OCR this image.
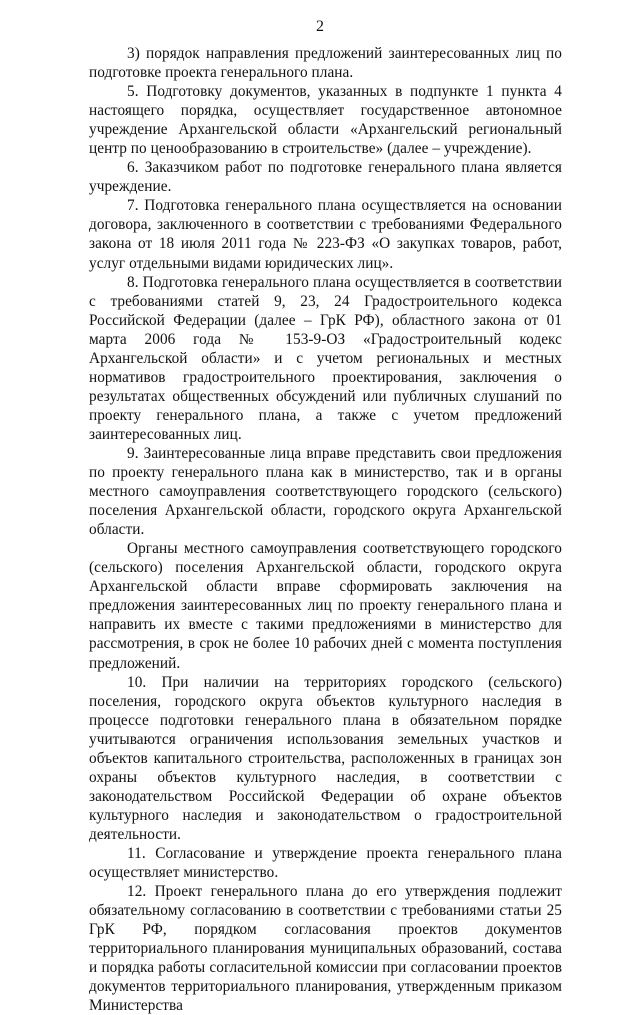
2

3) порядок направления предложений заинтересованных лиц по подготовке проекта генерального плана.

5. Подготовку документов, указанных в подпункте 1 пункта 4 настоящего порядка, осуществляет государственное автономное учреждение Архангельской области «Архангельский региональный центр по ценообразованию в строительстве» (далее – учреждение).

6. Заказчиком работ по подготовке генерального плана является учреждение.

7. Подготовка генерального плана осуществляется на основании договора, заключенного в соответствии с требованиями Федерального закона от 18 июля 2011 года № 223-ФЗ «О закупках товаров, работ, услуг отдельными видами юридических лиц».

8. Подготовка генерального плана осуществляется в соответствии с требованиями статей 9, 23, 24 Градостроительного кодекса Российской Федерации (далее – ГрК РФ), областного закона от 01 марта 2006 года № 153-9-ОЗ «Градостроительный кодекс Архангельской области» и с учетом региональных и местных нормативов градостроительного проектирования, заключения о результатах общественных обсуждений или публичных слушаний по проекту генерального плана, а также с учетом предложений заинтересованных лиц.

9. Заинтересованные лица вправе представить свои предложения по проекту генерального плана как в министерство, так и в органы местного самоуправления соответствующего городского (сельского) поселения Архангельской области, городского округа Архангельской области.

Органы местного самоуправления соответствующего городского (сельского) поселения Архангельской области, городского округа Архангельской области вправе сформировать заключения на предложения заинтересованных лиц по проекту генерального плана и направить их вместе с такими предложениями в министерство для рассмотрения, в срок не более 10 рабочих дней с момента поступления предложений.

10. При наличии на территориях городского (сельского) поселения, городского округа объектов культурного наследия в процессе подготовки генерального плана в обязательном порядке учитываются ограничения использования земельных участков и объектов капитального строительства, расположенных в границах зон охраны объектов культурного наследия, в соответствии с законодательством Российской Федерации об охране объектов культурного наследия и законодательством о градостроительной деятельности.

11. Согласование и утверждение проекта генерального плана осуществляет министерство.

12. Проект генерального плана до его утверждения подлежит обязательному согласованию в соответствии с требованиями статьи 25 ГрК РФ, порядком согласования проектов документов территориального планирования муниципальных образований, состава и порядка работы согласительной комиссии при согласовании проектов документов территориального планирования, утвержденным приказом Министерства
